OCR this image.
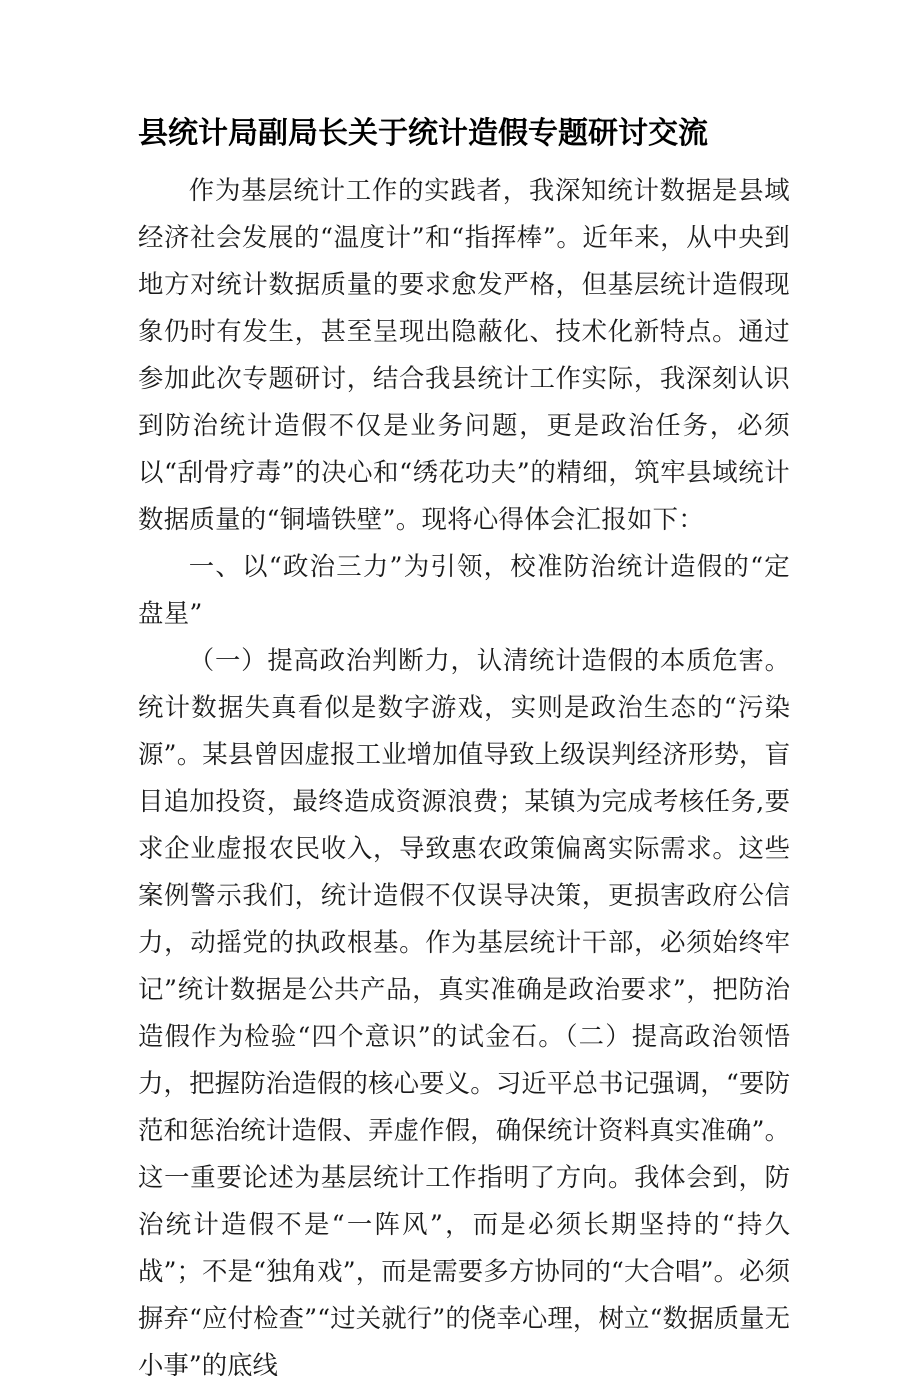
县统计局副局长关于统计造假专题研讨交流

作为基层统计工作的实践者，我深知统计数据是县域经济社会发展的“温度计”和“指挥棒”。近年来，从中央到地方对统计数据质量的要求愈发严格，但基层统计造假现象仍时有发生，甚至呈现出隐蔽化、技术化新特点。通过参加此次专题研讨，结合我县统计工作实际，我深刻认识到防治统计造假不仅是业务问题，更是政治任务，必须以“刮骨疗毒”的决心和“绣花功夫”的精细，筑牢县域统计数据质量的“铜墙铁壁”。现将心得体会汇报如下：

一、以“政治三力”为引领，校准防治统计造假的“定盘星”

（一）提高政治判断力，认清统计造假的本质危害。统计数据失真看似是数字游戏，实则是政治生态的“污染源”。某县曾因虚报工业增加值导致上级误判经济形势，盲目追加投资，最终造成资源浪费；某镇为完成考核任务,要求企业虚报农民收入，导致惠农政策偏离实际需求。这些案例警示我们，统计造假不仅误导决策，更损害政府公信力，动摇党的执政根基。作为基层统计干部，必须始终牢记”统计数据是公共产品，真实准确是政治要求”，把防治造假作为检验“四个意识”的试金石。（二）提高政治领悟力，把握防治造假的核心要义。习近平总书记强调，“要防范和惩治统计造假、弄虚作假，确保统计资料真实准确”。这一重要论述为基层统计工作指明了方向。我体会到，防治统计造假不是“一阵风”，而是必须长期坚持的“持久战”；不是“独角戏”，而是需要多方协同的“大合唱”。必须摒弃“应付检查”“过关就行”的侥幸心理，树立“数据质量无小事”的底线
